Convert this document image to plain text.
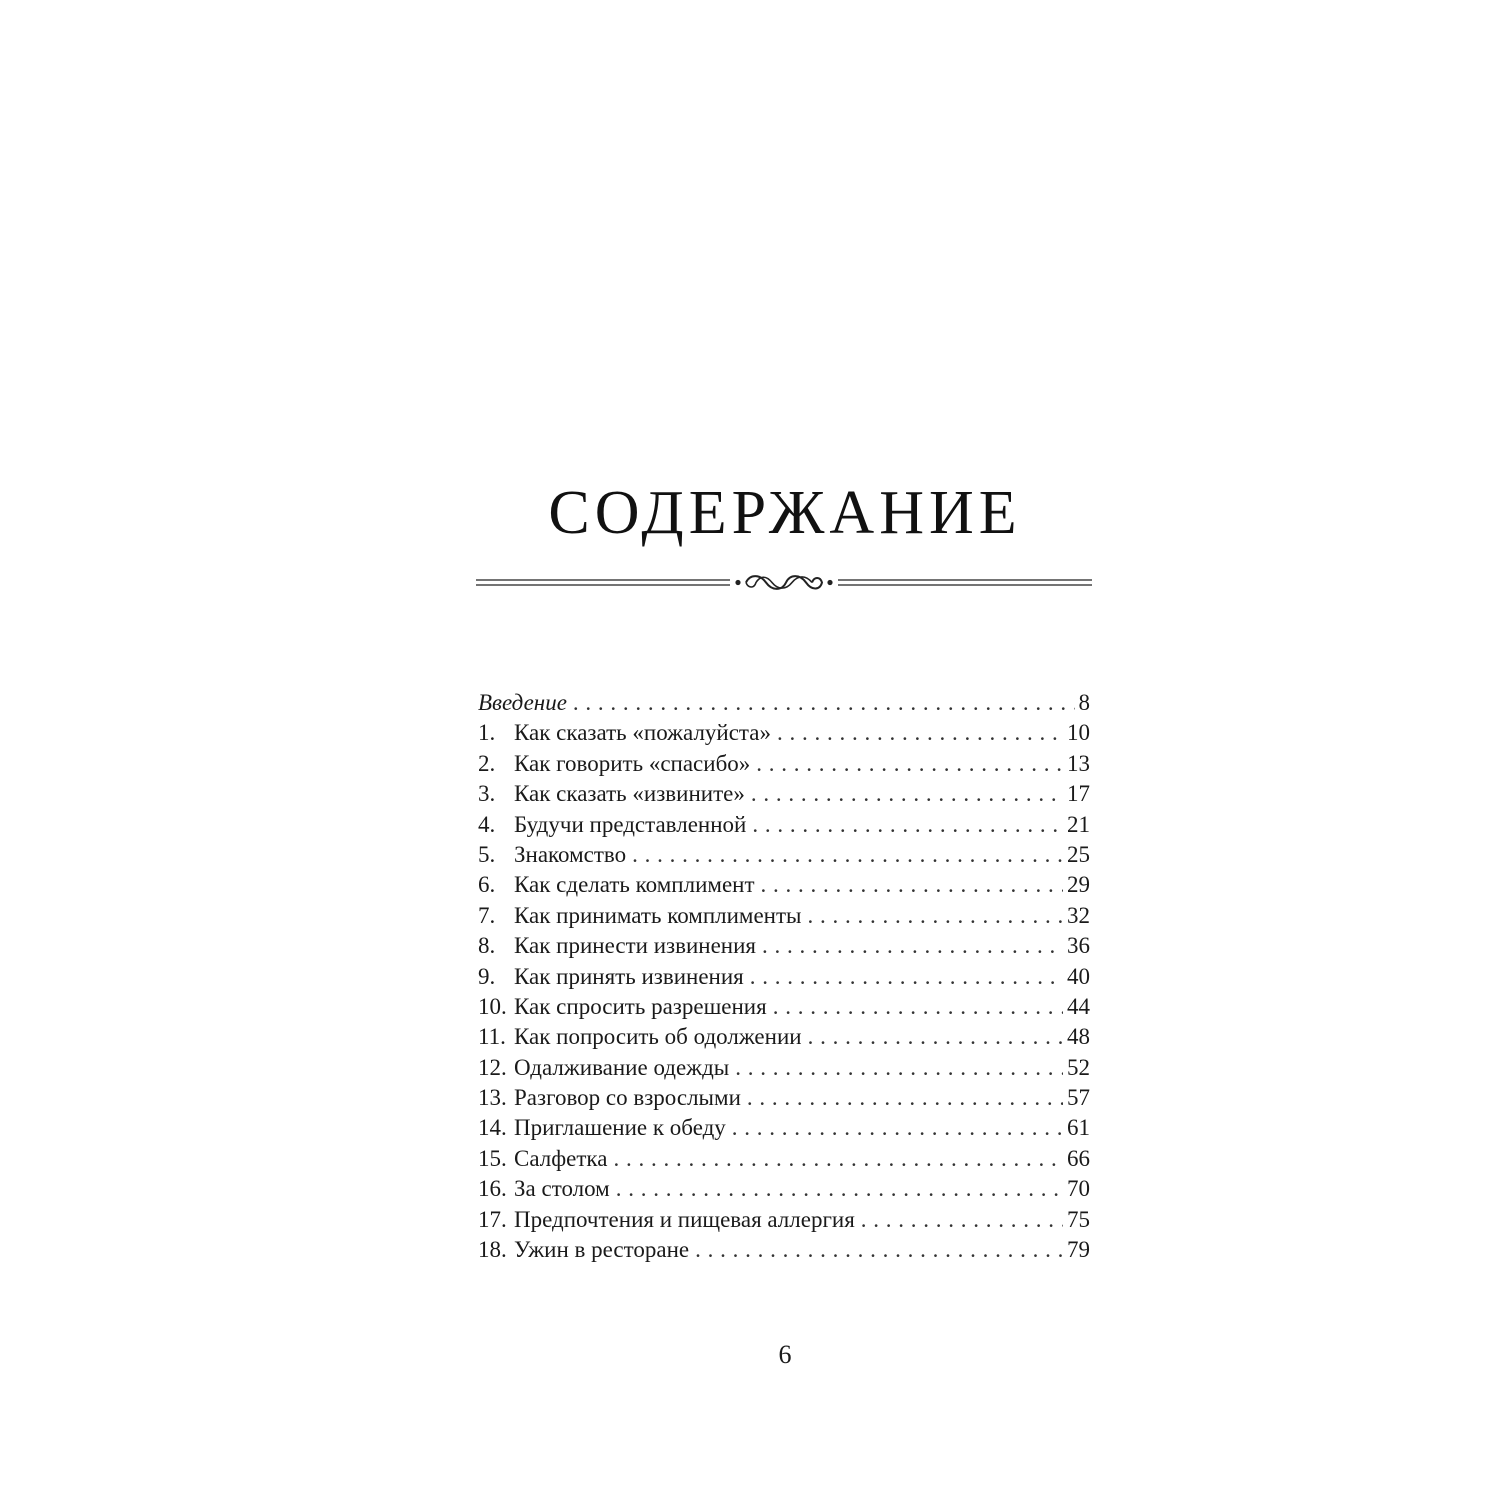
СОДЕРЖАНИЕ
Введение . . .	8
1. Как сказать «пожалуйста» . . .	10
2. Как говорить «спасибо» . . .	13
3. Как сказать «извините» . . .	17
4. Будучи представленной . . .	21
5. Знакомство . . .	25
6. Как сделать комплимент . . .	29
7. Как принимать комплименты . . .	32
8. Как принести извинения . . .	36
9. Как принять извинения . . .	40
10. Как спросить разрешения . . .	44
11. Как попросить об одолжении . . .	48
12. Одалживание одежды . . .	52
13. Разговор со взрослыми . . .	57
14. Приглашение к обеду . . .	61
15. Салфетка . . .	66
16. За столом . . .	70
17. Предпочтения и пищевая аллергия . . .	75
18. Ужин в ресторане . . .	79
6
